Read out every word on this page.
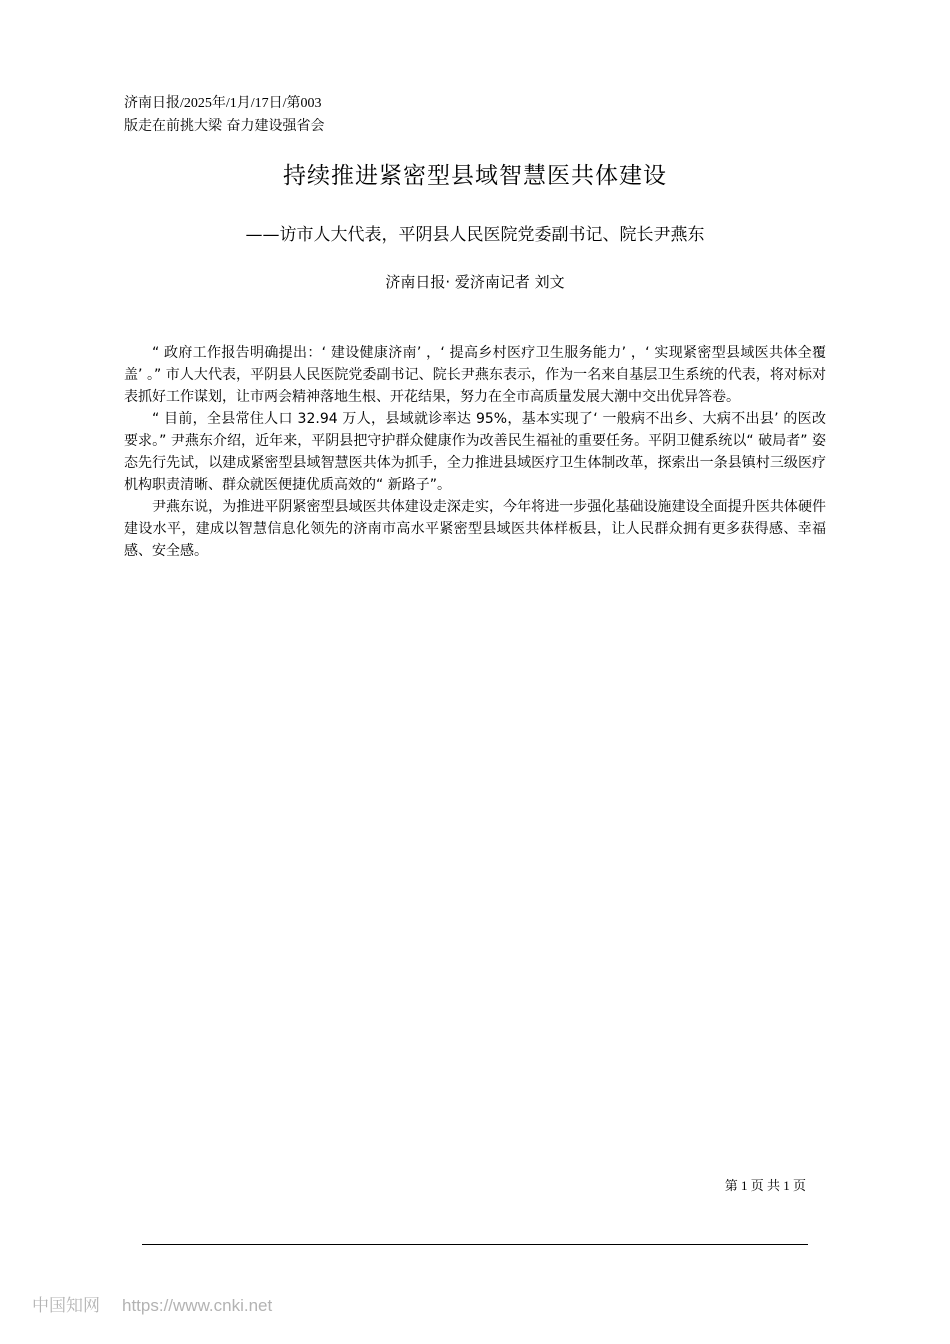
济南日报/2025年/1月/17日/第003
版走在前挑大梁 奋力建设强省会
持续推进紧密型县域智慧医共体建设
——访市人大代表，平阴县人民医院党委副书记、院长尹燕东
济南日报· 爱济南记者 刘文

“ 政府工作报告明确提出：‘ 建设健康济南’ ，‘ 提高乡村医疗卫生服务能力’ ，‘ 实现紧密型县域医共体全覆盖’ 。” 市人大代表，平阴县人民医院党委副书记、院长尹燕东表示，作为一名来自基层卫生系统的代表，将对标对表抓好工作谋划，让市两会精神落地生根、开花结果，努力在全市高质量发展大潮中交出优异答卷。

“ 目前，全县常住人口 32.94 万人，县域就诊率达 95%，基本实现了‘ 一般病不出乡、大病不出县’ 的医改要求。” 尹燕东介绍，近年来，平阴县把守护群众健康作为改善民生福祉的重要任务。平阴卫健系统以“ 破局者” 姿态先行先试，以建成紧密型县域智慧医共体为抓手，全力推进县域医疗卫生体制改革，探索出一条县镇村三级医疗机构职责清晰、群众就医便捷优质高效的“ 新路子”。

尹燕东说，为推进平阴紧密型县域医共体建设走深走实，今年将进一步强化基础设施建设全面提升医共体硬件建设水平，建成以智慧信息化领先的济南市高水平紧密型县域医共体样板县，让人民群众拥有更多获得感、幸福感、安全感。

第 1 页 共 1 页
中国知网 https://www.cnki.net
